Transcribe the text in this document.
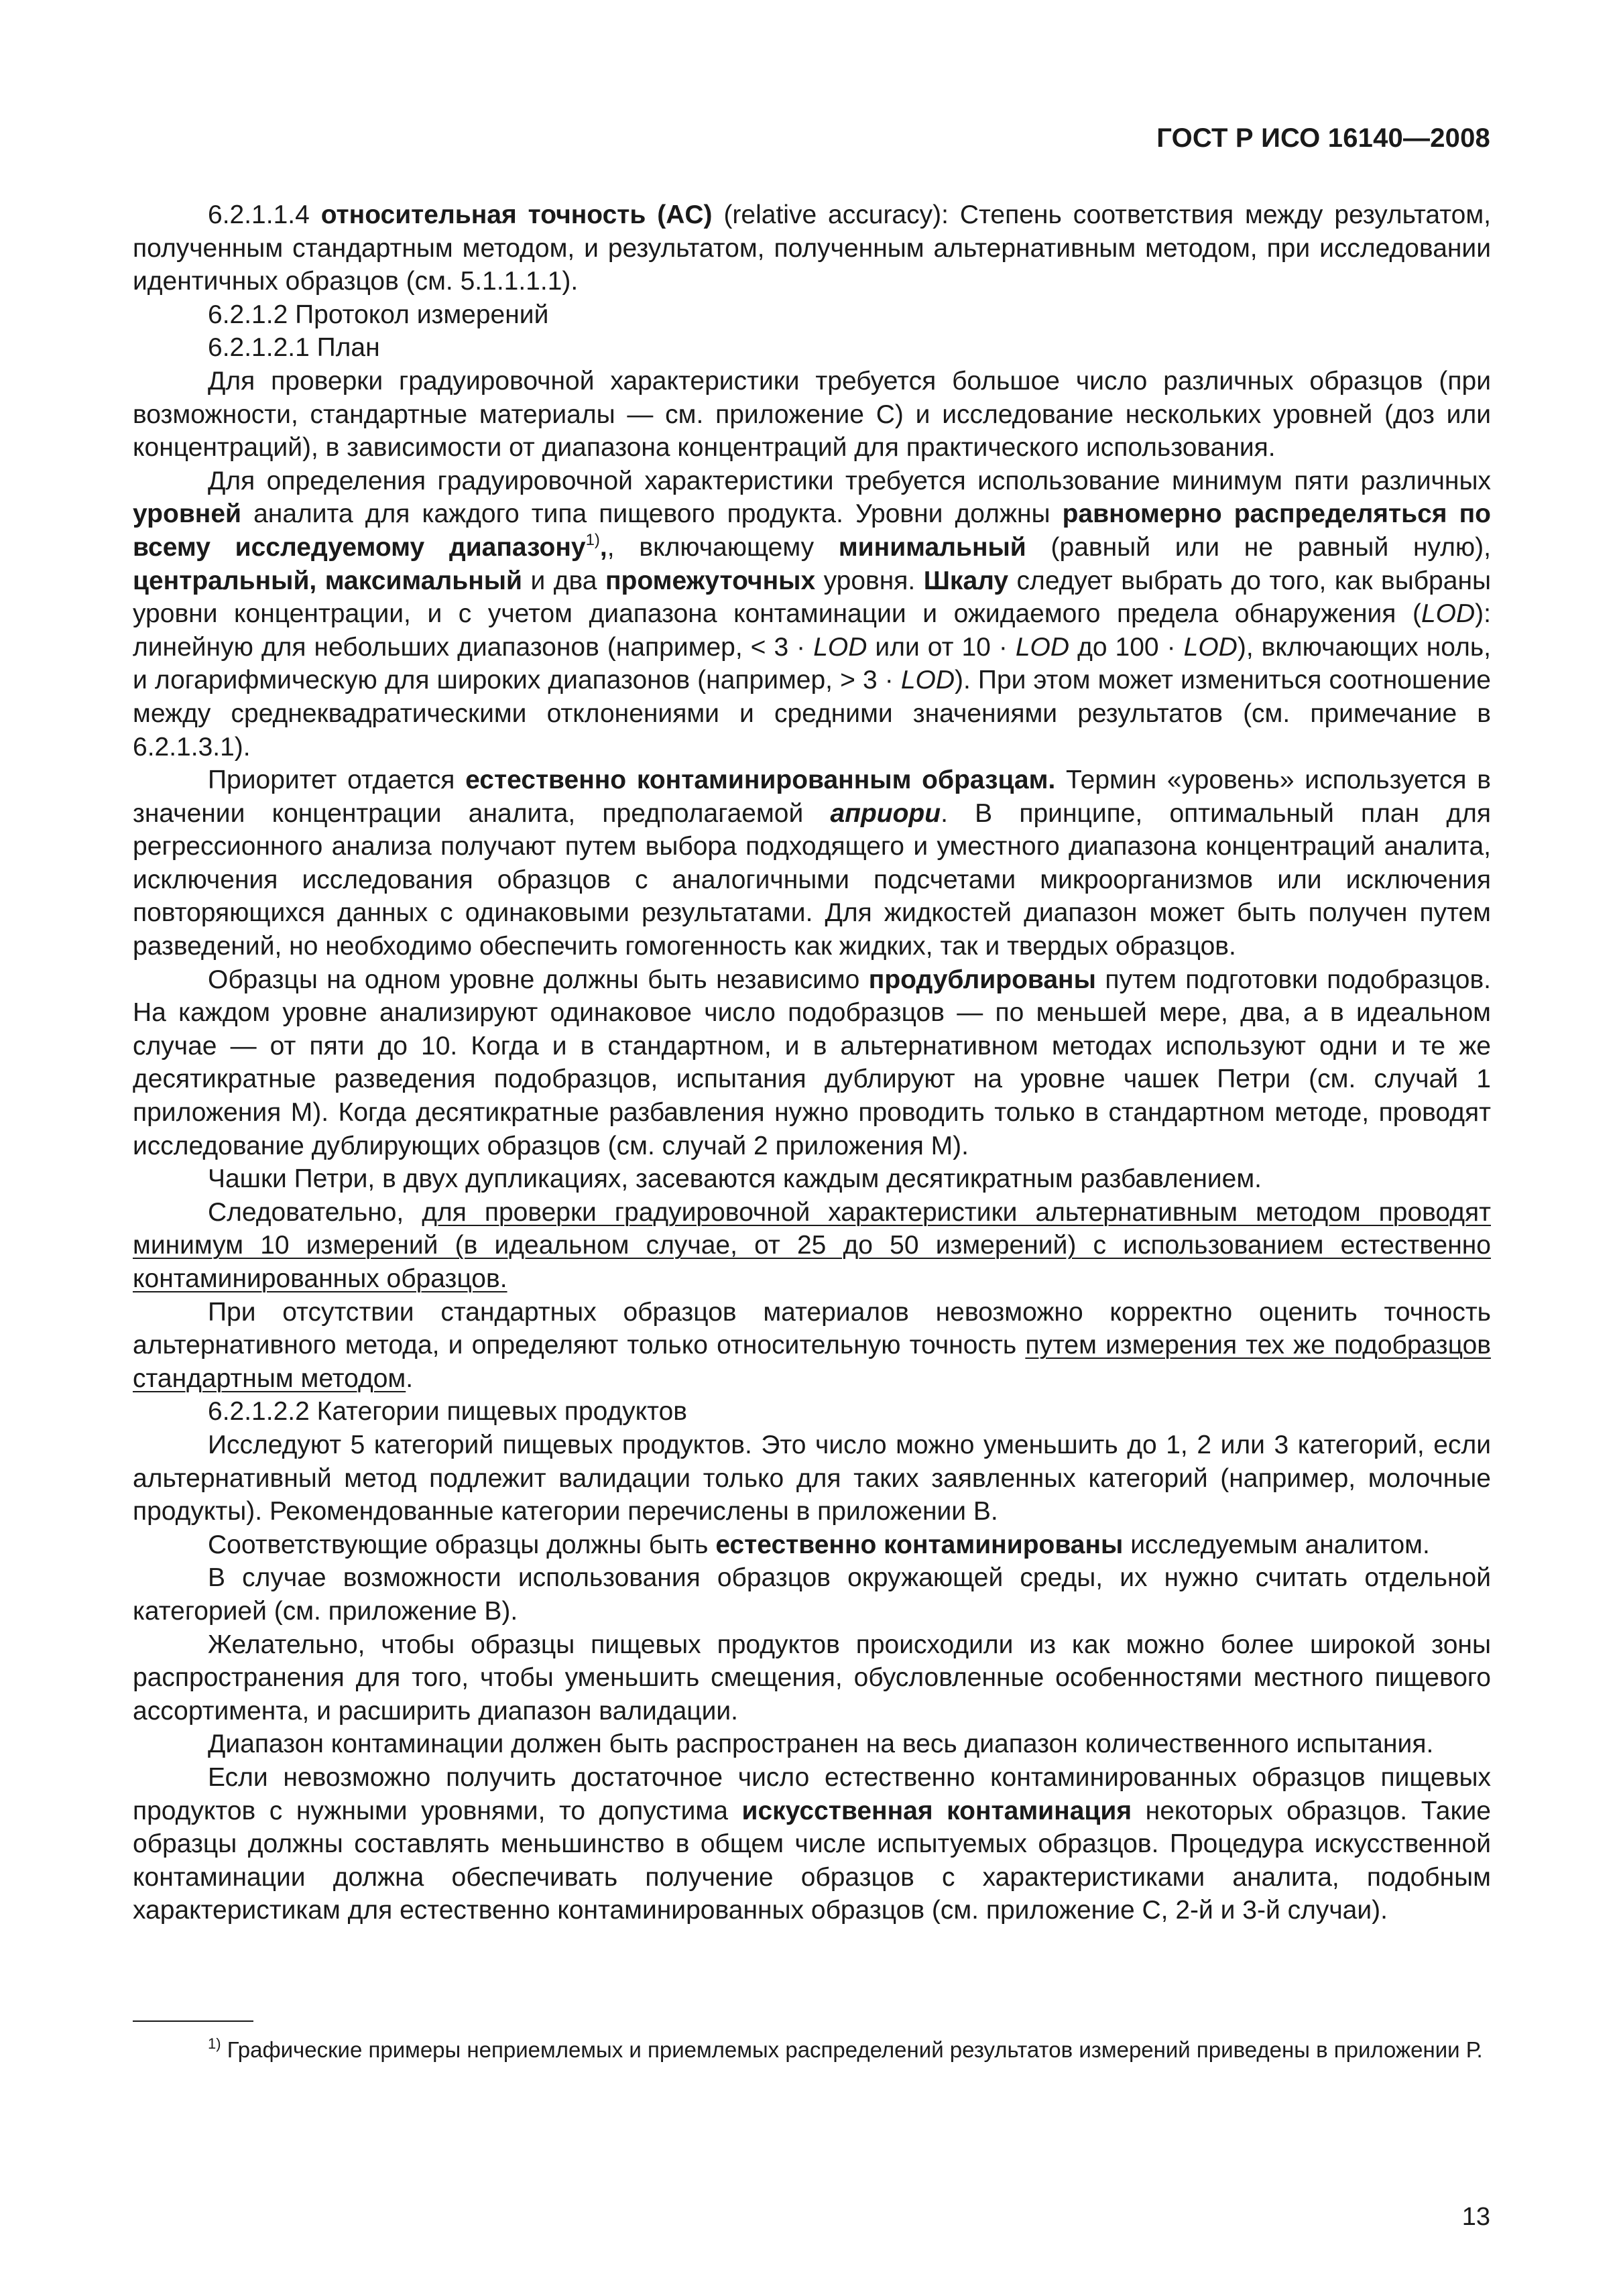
ГОСТ Р ИСО 16140—2008

6.2.1.1.4 относительная точность (AC) (relative accuracy): Степень соответствия между результатом, полученным стандартным методом, и результатом, полученным альтернативным методом, при исследовании идентичных образцов (см. 5.1.1.1.1).

6.2.1.2 Протокол измерений

6.2.1.2.1 План

Для проверки градуировочной характеристики требуется большое число различных образцов (при возможности, стандартные материалы — см. приложение С) и исследование нескольких уровней (доз или концентраций), в зависимости от диапазона концентраций для практического использования.

Для определения градуировочной характеристики требуется использование минимум пяти различных уровней аналита для каждого типа пищевого продукта. Уровни должны равномерно распределяться по всему исследуемому диапазону$^{1)}$,, включающему минимальный (равный или не равный нулю), центральный, максимальный и два промежуточных уровня. Шкалу следует выбрать до того, как выбраны уровни концентрации, и с учетом диапазона контаминации и ожидаемого предела обнаружения (LOD): линейную для небольших диапазонов (например, < 3 · LOD или от 10 · LOD до 100 · LOD), включающих ноль, и логарифмическую для широких диапазонов (например, > 3 · LOD). При этом может измениться соотношение между среднеквадратическими отклонениями и средними значениями результатов (см. примечание в 6.2.1.3.1).

Приоритет отдается естественно контаминированным образцам. Термин «уровень» используется в значении концентрации аналита, предполагаемой априори. В принципе, оптимальный план для регрессионного анализа получают путем выбора подходящего и уместного диапазона концентраций аналита, исключения исследования образцов с аналогичными подсчетами микроорганизмов или исключения повторяющихся данных с одинаковыми результатами. Для жидкостей диапазон может быть получен путем разведений, но необходимо обеспечить гомогенность как жидких, так и твердых образцов.

Образцы на одном уровне должны быть независимо продублированы путем подготовки подобразцов. На каждом уровне анализируют одинаковое число подобразцов — по меньшей мере, два, а в идеальном случае — от пяти до 10. Когда и в стандартном, и в альтернативном методах используют одни и те же десятикратные разведения подобразцов, испытания дублируют на уровне чашек Петри (см. случай 1 приложения М). Когда десятикратные разбавления нужно проводить только в стандартном методе, проводят исследование дублирующих образцов (см. случай 2 приложения М).

Чашки Петри, в двух дупликациях, засеваются каждым десятикратным разбавлением.

Следовательно, для проверки градуировочной характеристики альтернативным методом проводят минимум 10 измерений (в идеальном случае, от 25 до 50 измерений) с использованием естественно контаминированных образцов.

При отсутствии стандартных образцов материалов невозможно корректно оценить точность альтернативного метода, и определяют только относительную точность путем измерения тех же подобразцов стандартным методом.

6.2.1.2.2 Категории пищевых продуктов

Исследуют 5 категорий пищевых продуктов. Это число можно уменьшить до 1, 2 или 3 категорий, если альтернативный метод подлежит валидации только для таких заявленных категорий (например, молочные продукты). Рекомендованные категории перечислены в приложении В.

Соответствующие образцы должны быть естественно контаминированы исследуемым аналитом.

В случае возможности использования образцов окружающей среды, их нужно считать отдельной категорией (см. приложение В).

Желательно, чтобы образцы пищевых продуктов происходили из как можно более широкой зоны распространения для того, чтобы уменьшить смещения, обусловленные особенностями местного пищевого ассортимента, и расширить диапазон валидации.

Диапазон контаминации должен быть распространен на весь диапазон количественного испытания.

Если невозможно получить достаточное число естественно контаминированных образцов пищевых продуктов с нужными уровнями, то допустима искусственная контаминация некоторых образцов. Такие образцы должны составлять меньшинство в общем числе испытуемых образцов. Процедура искусственной контаминации должна обеспечивать получение образцов с характеристиками аналита, подобным характеристикам для естественно контаминированных образцов (см. приложение С, 2-й и 3-й случаи).

$^{1)}$ Графические примеры неприемлемых и приемлемых распределений результатов измерений приведены в приложении Р.
13
